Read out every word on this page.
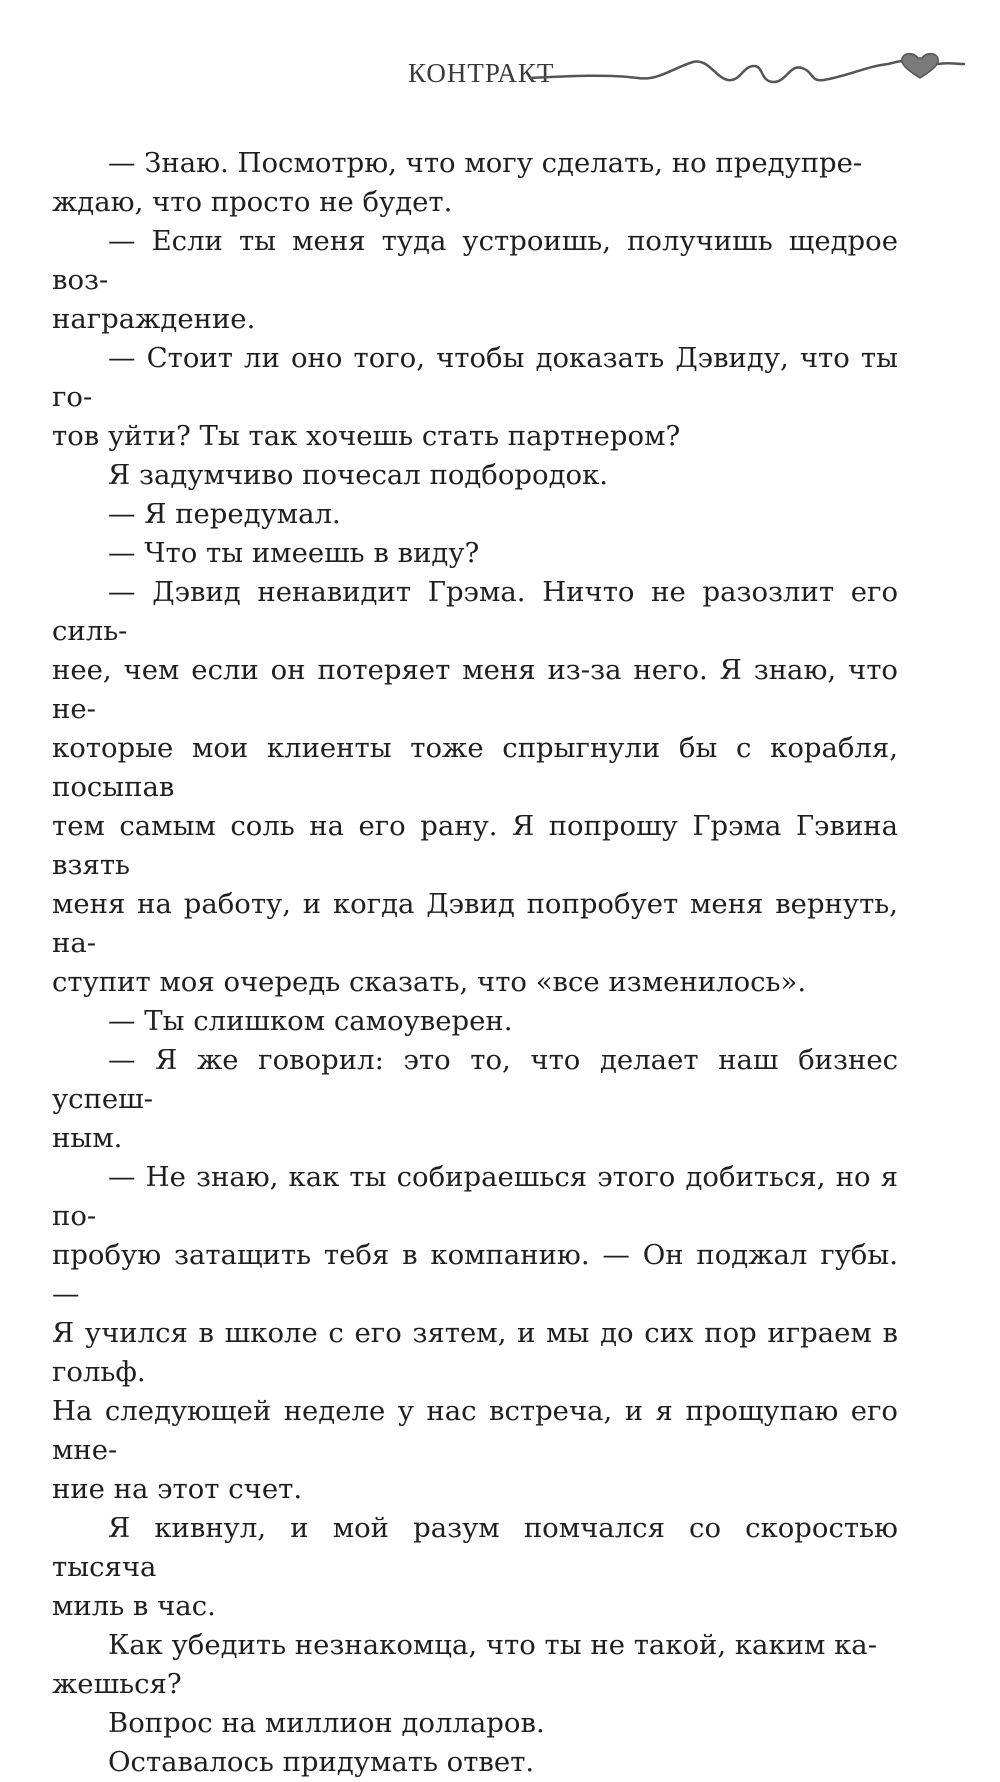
КОНТРАКТ

— Знаю. Посмотрю, что могу сделать, но предупре-
ждаю, что просто не будет.

— Если ты меня туда устроишь, получишь щедрое воз-
награждение.

— Стоит ли оно того, чтобы доказать Дэвиду, что ты го-
тов уйти? Ты так хочешь стать партнером?

Я задумчиво почесал подбородок.

— Я передумал.

— Что ты имеешь в виду?

— Дэвид ненавидит Грэма. Ничто не разозлит его силь-
нее, чем если он потеряет меня из-за него. Я знаю, что не-
которые мои клиенты тоже спрыгнули бы с корабля, посыпав
тем самым соль на его рану. Я попрошу Грэма Гэвина взять
меня на работу, и когда Дэвид попробует меня вернуть, на-
ступит моя очередь сказать, что «все изменилось».

— Ты слишком самоуверен.

— Я же говорил: это то, что делает наш бизнес успеш-
ным.

— Не знаю, как ты собираешься этого добиться, но я по-
пробую затащить тебя в компанию. — Он поджал губы. —
Я учился в школе с его зятем, и мы до сих пор играем в гольф.
На следующей неделе у нас встреча, и я прощупаю его мне-
ние на этот счет.

Я кивнул, и мой разум помчался со скоростью тысяча
миль в час.

Как убедить незнакомца, что ты не такой, каким ка-
жешься?

Вопрос на миллион долларов.

Оставалось придумать ответ.
